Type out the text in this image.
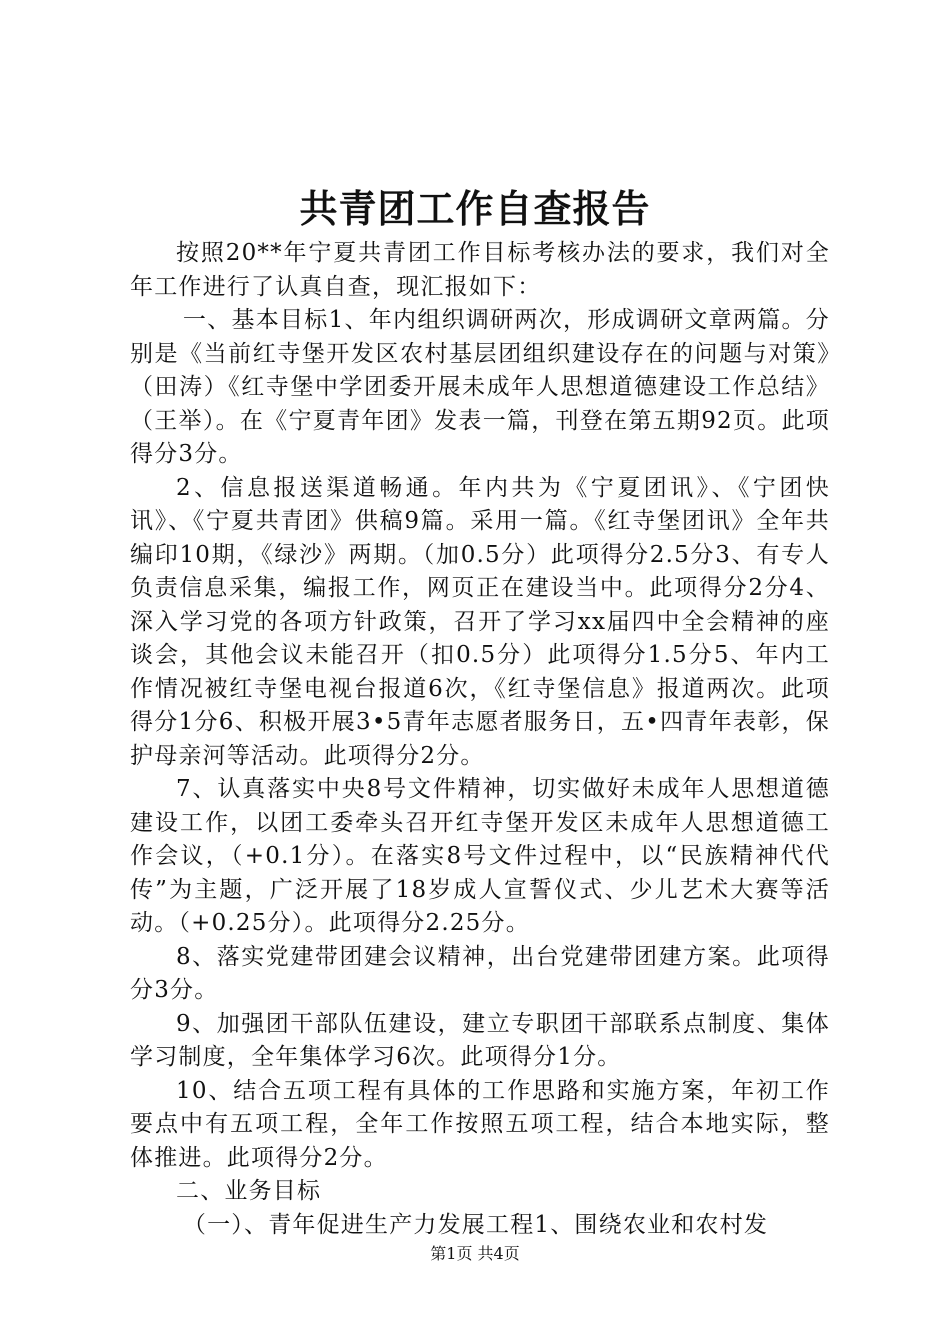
共青团工作自查报告

按照20**年宁夏共青团工作目标考核办法的要求，我们对全年工作进行了认真自查，现汇报如下：

一、基本目标1、年内组织调研两次，形成调研文章两篇。分别是《当前红寺堡开发区农村基层团组织建设存在的问题与对策》（田涛）《红寺堡中学团委开展未成年人思想道德建设工作总结》（王举）。在《宁夏青年团》发表一篇，刊登在第五期92页。此项得分3分。

2、信息报送渠道畅通。年内共为《宁夏团讯》、《宁团快讯》、《宁夏共青团》供稿9篇。采用一篇。《红寺堡团讯》全年共编印10期，《绿沙》两期。（加0.5分）此项得分2.5分3、有专人负责信息采集，编报工作，网页正在建设当中。此项得分2分4、深入学习党的各项方针政策，召开了学习xx届四中全会精神的座谈会，其他会议未能召开（扣0.5分）此项得分1.5分5、年内工作情况被红寺堡电视台报道6次，《红寺堡信息》报道两次。此项得分1分6、积极开展3•5青年志愿者服务日，五•四青年表彰，保护母亲河等活动。此项得分2分。

7、认真落实中央8号文件精神，切实做好未成年人思想道德建设工作，以团工委牵头召开红寺堡开发区未成年人思想道德工作会议，（+0.1分）。在落实8号文件过程中，以“民族精神代代传”为主题，广泛开展了18岁成人宣誓仪式、少儿艺术大赛等活动。（+0.25分）。此项得分2.25分。

8、落实党建带团建会议精神，出台党建带团建方案。此项得分3分。

9、加强团干部队伍建设，建立专职团干部联系点制度、集体学习制度，全年集体学习6次。此项得分1分。

10、结合五项工程有具体的工作思路和实施方案，年初工作要点中有五项工程，全年工作按照五项工程，结合本地实际，整体推进。此项得分2分。

二、业务目标

（一）、青年促进生产力发展工程1、围绕农业和农村发

第1页 共4页
